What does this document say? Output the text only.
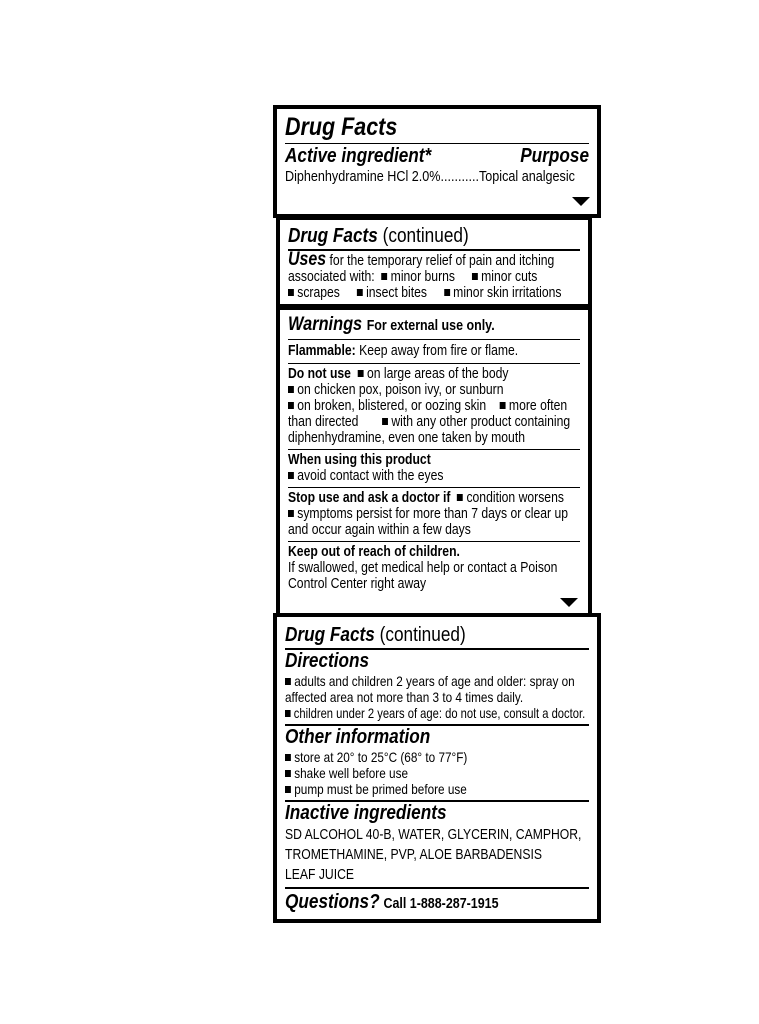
Drug Facts
Active ingredient*	Purpose
Diphenhydramine HCl 2.0%...........Topical analgesic
Drug Facts (continued)
Uses for the temporary relief of pain and itching
associated with: minor burns minor cuts
scrapes insect bites minor skin irritations
Warnings For external use only.
Flammable: Keep away from fire or flame.
Do not use on large areas of the body
on chicken pox, poison ivy, or sunburn
on broken, blistered, or oozing skin more often
than directed with any other product containing
diphenhydramine, even one taken by mouth
When using this product
avoid contact with the eyes
Stop use and ask a doctor if condition worsens
symptoms persist for more than 7 days or clear up
and occur again within a few days
Keep out of reach of children.
If swallowed, get medical help or contact a Poison
Control Center right away
Drug Facts (continued)
Directions
adults and children 2 years of age and older: spray on
affected area not more than 3 to 4 times daily.
children under 2 years of age: do not use, consult a doctor.
Other information
store at 20° to 25°C (68° to 77°F)
shake well before use
pump must be primed before use
Inactive ingredients
SD ALCOHOL 40-B, WATER, GLYCERIN, CAMPHOR,
TROMETHAMINE, PVP, ALOE BARBADENSIS
LEAF JUICE
Questions? Call 1-888-287-1915
